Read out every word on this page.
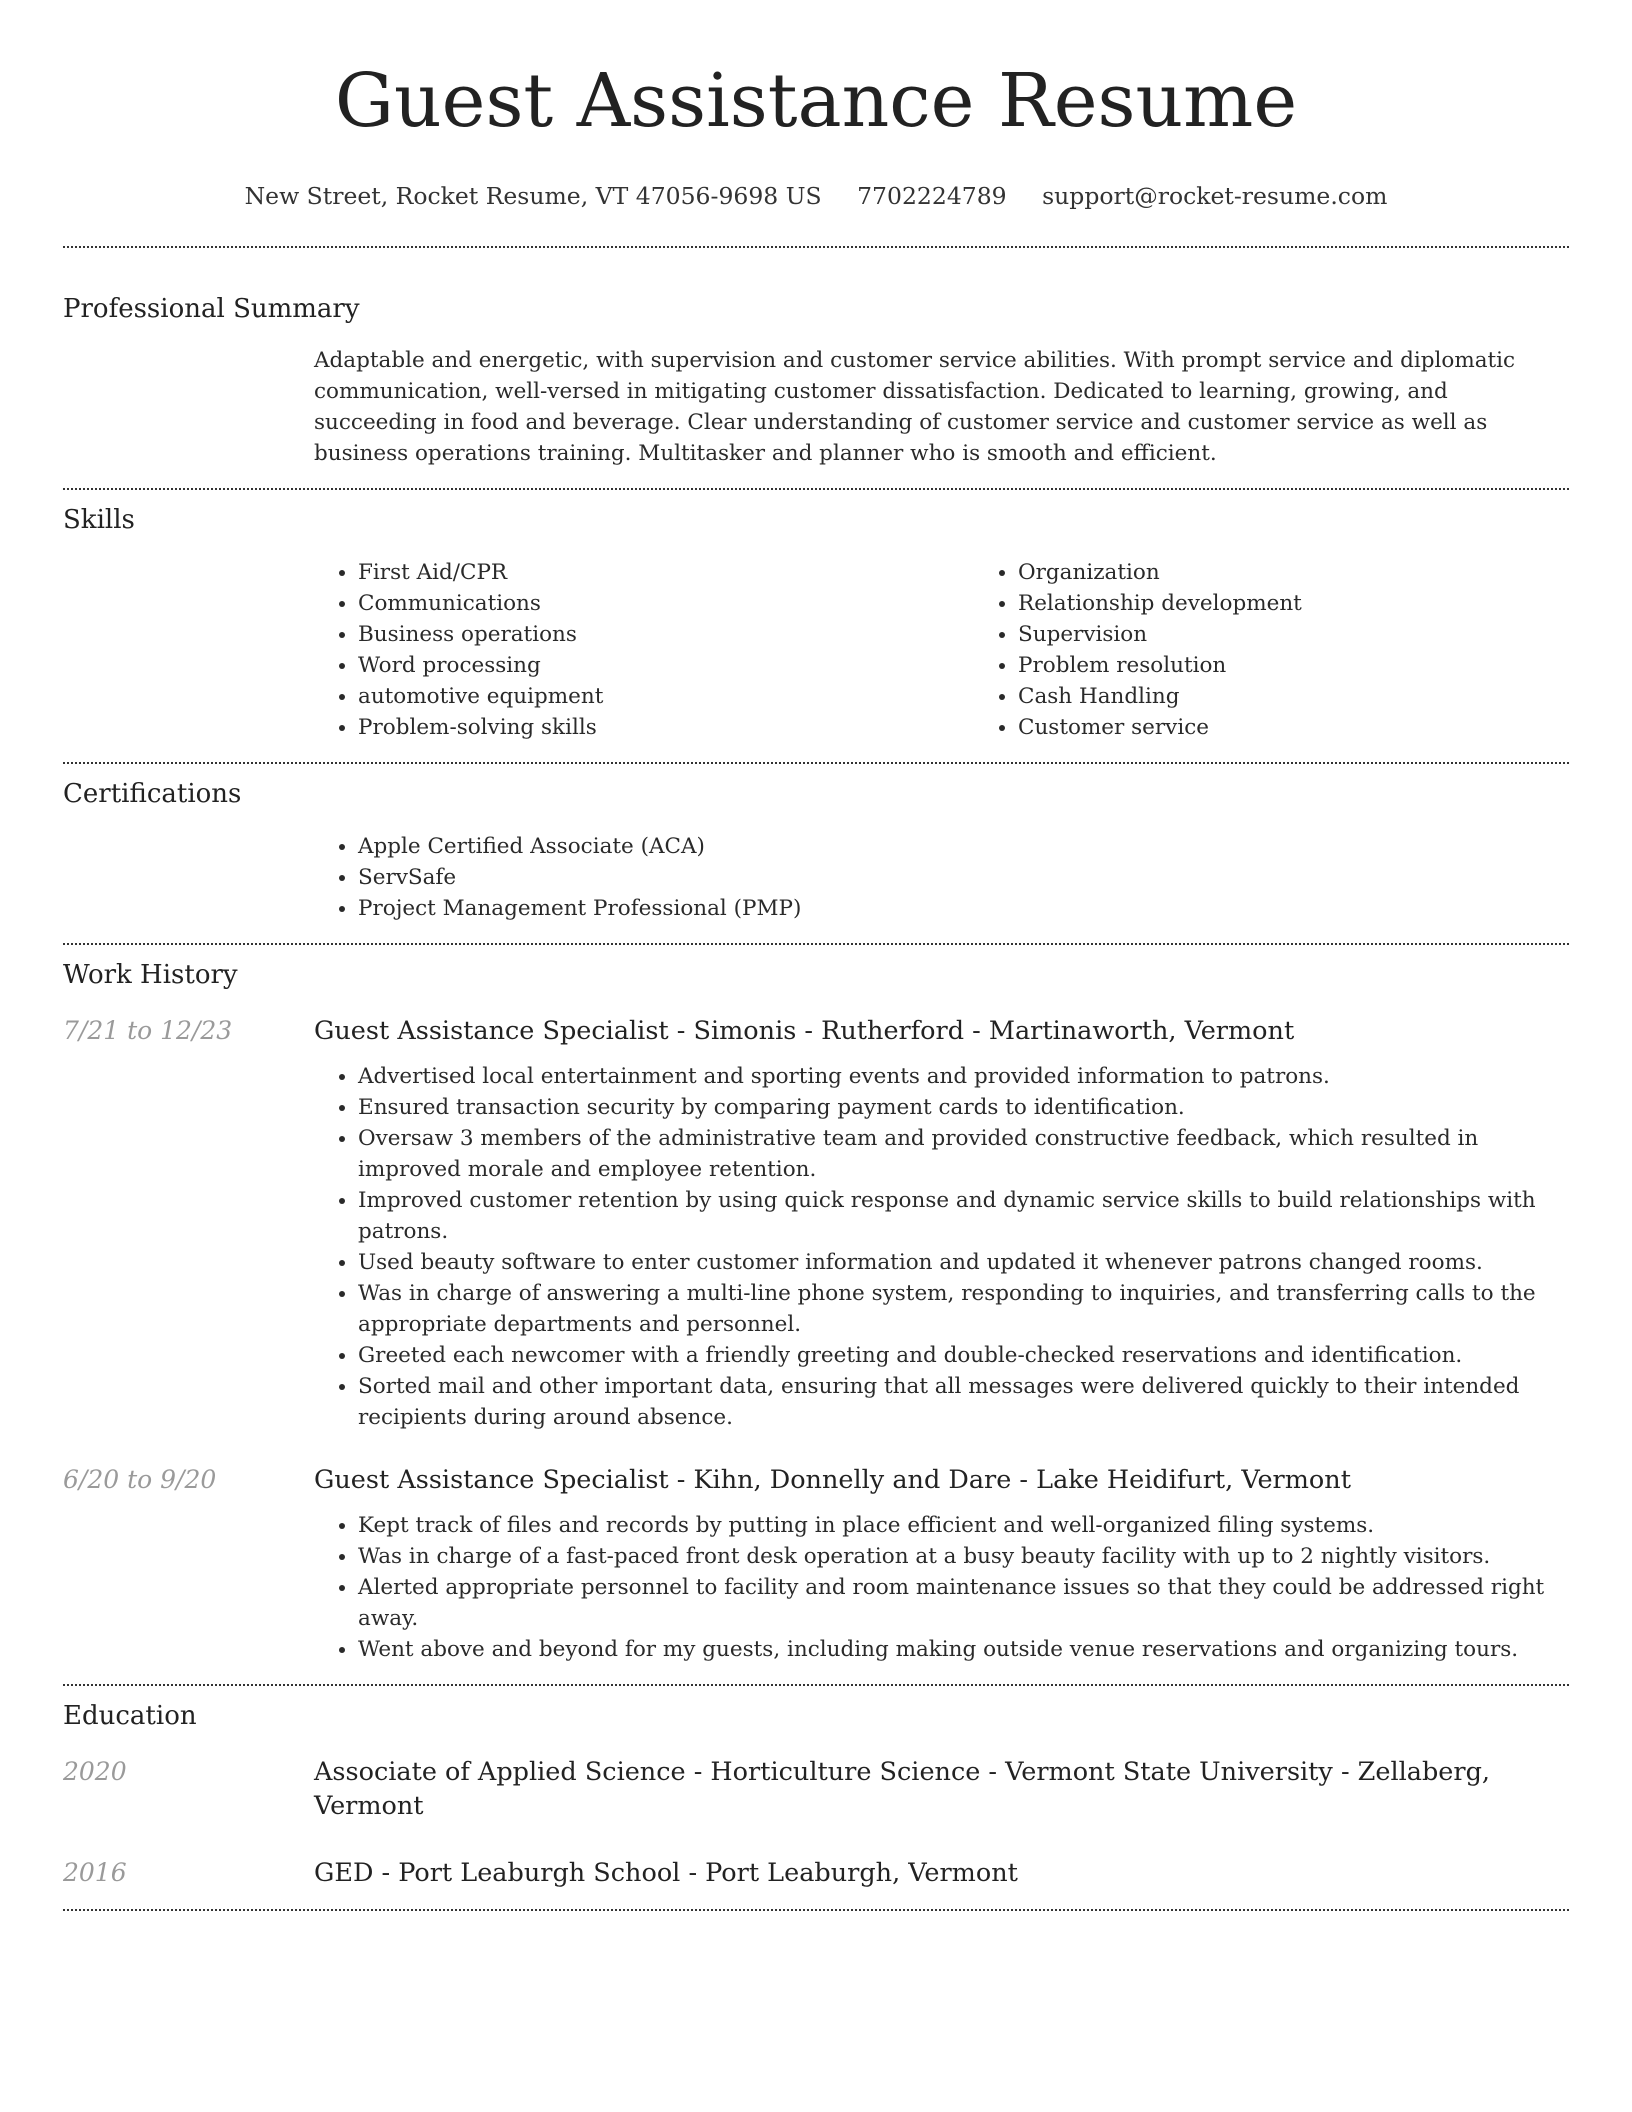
Guest Assistance Resume
New Street, Rocket Resume, VT 47056-9698 US 7702224789 support@rocket-resume.com
Professional Summary

Adaptable and energetic, with supervision and customer service abilities. With prompt service and diplomatic communication, well-versed in mitigating customer dissatisfaction. Dedicated to learning, growing, and succeeding in food and beverage. Clear understanding of customer service and customer service as well as business operations training. Multitasker and planner who is smooth and efficient.

Skills
• First Aid/CPR
• Communications
• Business operations
• Word processing
• automotive equipment
• Problem-solving skills
• Organization
• Relationship development
• Supervision
• Problem resolution
• Cash Handling
• Customer service
Certifications
• Apple Certified Associate (ACA)
• ServSafe
• Project Management Professional (PMP)
Work History
7/21 to 12/23	Guest Assistance Specialist - Simonis - Rutherford - Martinaworth, Vermont
• Advertised local entertainment and sporting events and provided information to patrons.
• Ensured transaction security by comparing payment cards to identification.
• Oversaw 3 members of the administrative team and provided constructive feedback, which resulted in improved morale and employee retention.
• Improved customer retention by using quick response and dynamic service skills to build relationships with patrons.
• Used beauty software to enter customer information and updated it whenever patrons changed rooms.
• Was in charge of answering a multi-line phone system, responding to inquiries, and transferring calls to the appropriate departments and personnel.
• Greeted each newcomer with a friendly greeting and double-checked reservations and identification.
• Sorted mail and other important data, ensuring that all messages were delivered quickly to their intended recipients during around absence.
6/20 to 9/20	Guest Assistance Specialist - Kihn, Donnelly and Dare - Lake Heidifurt, Vermont
• Kept track of files and records by putting in place efficient and well-organized filing systems.
• Was in charge of a fast-paced front desk operation at a busy beauty facility with up to 2 nightly visitors.
• Alerted appropriate personnel to facility and room maintenance issues so that they could be addressed right away.
• Went above and beyond for my guests, including making outside venue reservations and organizing tours.
Education
2020	Associate of Applied Science - Horticulture Science - Vermont State University - Zellaberg, Vermont
2016	GED - Port Leaburgh School - Port Leaburgh, Vermont
